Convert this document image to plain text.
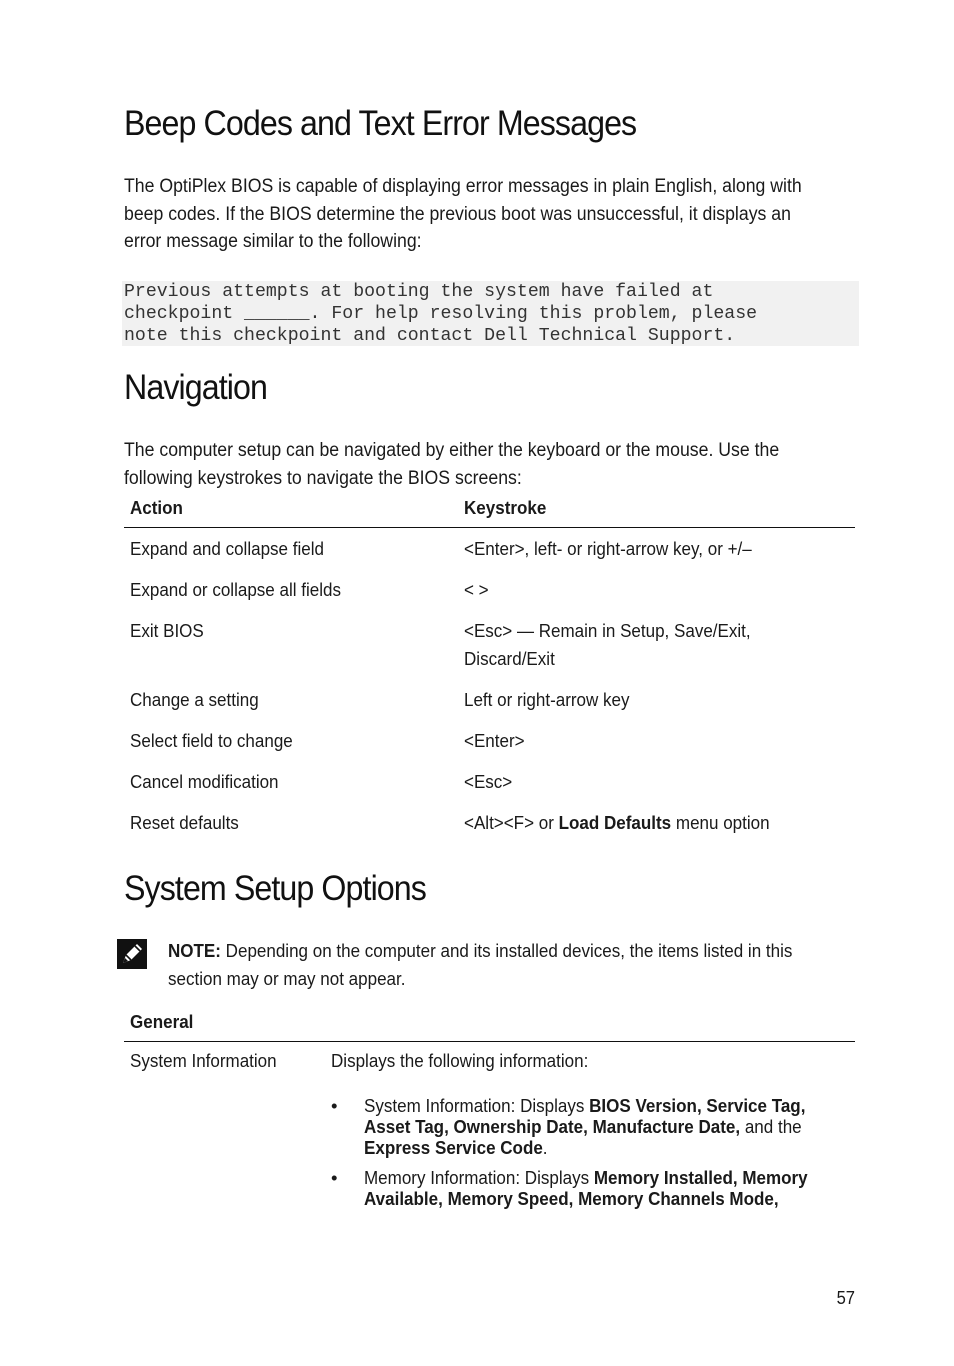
Beep Codes and Text Error Messages

The OptiPlex BIOS is capable of displaying error messages in plain English, along with beep codes. If the BIOS determine the previous boot was unsuccessful, it displays an error message similar to the following:

Previous attempts at booting the system have failed at
checkpoint ______. For help resolving this problem, please
note this checkpoint and contact Dell Technical Support.
Navigation

The computer setup can be navigated by either the keyboard or the mouse. Use the following keystrokes to navigate the BIOS screens:

Action	Keystroke
Expand and collapse field	<Enter>, left- or right-arrow key, or +/–
Expand or collapse all fields	< >
Exit BIOS	<Esc> — Remain in Setup, Save/Exit, Discard/Exit

Change a setting	Left or right-arrow key
Select field to change	<Enter>
Cancel modification	<Esc>
Reset defaults	<Alt><F> or Load Defaults menu option
System Setup Options

NOTE: Depending on the computer and its installed devices, the items listed in this section may or may not appear.

General
System Information	Displays the following information:
• System Information: Displays BIOS Version, Service Tag, Asset Tag, Ownership Date, Manufacture Date, and the Express Service Code.
• Memory Information: Displays Memory Installed, Memory Available, Memory Speed, Memory Channels Mode,
57
